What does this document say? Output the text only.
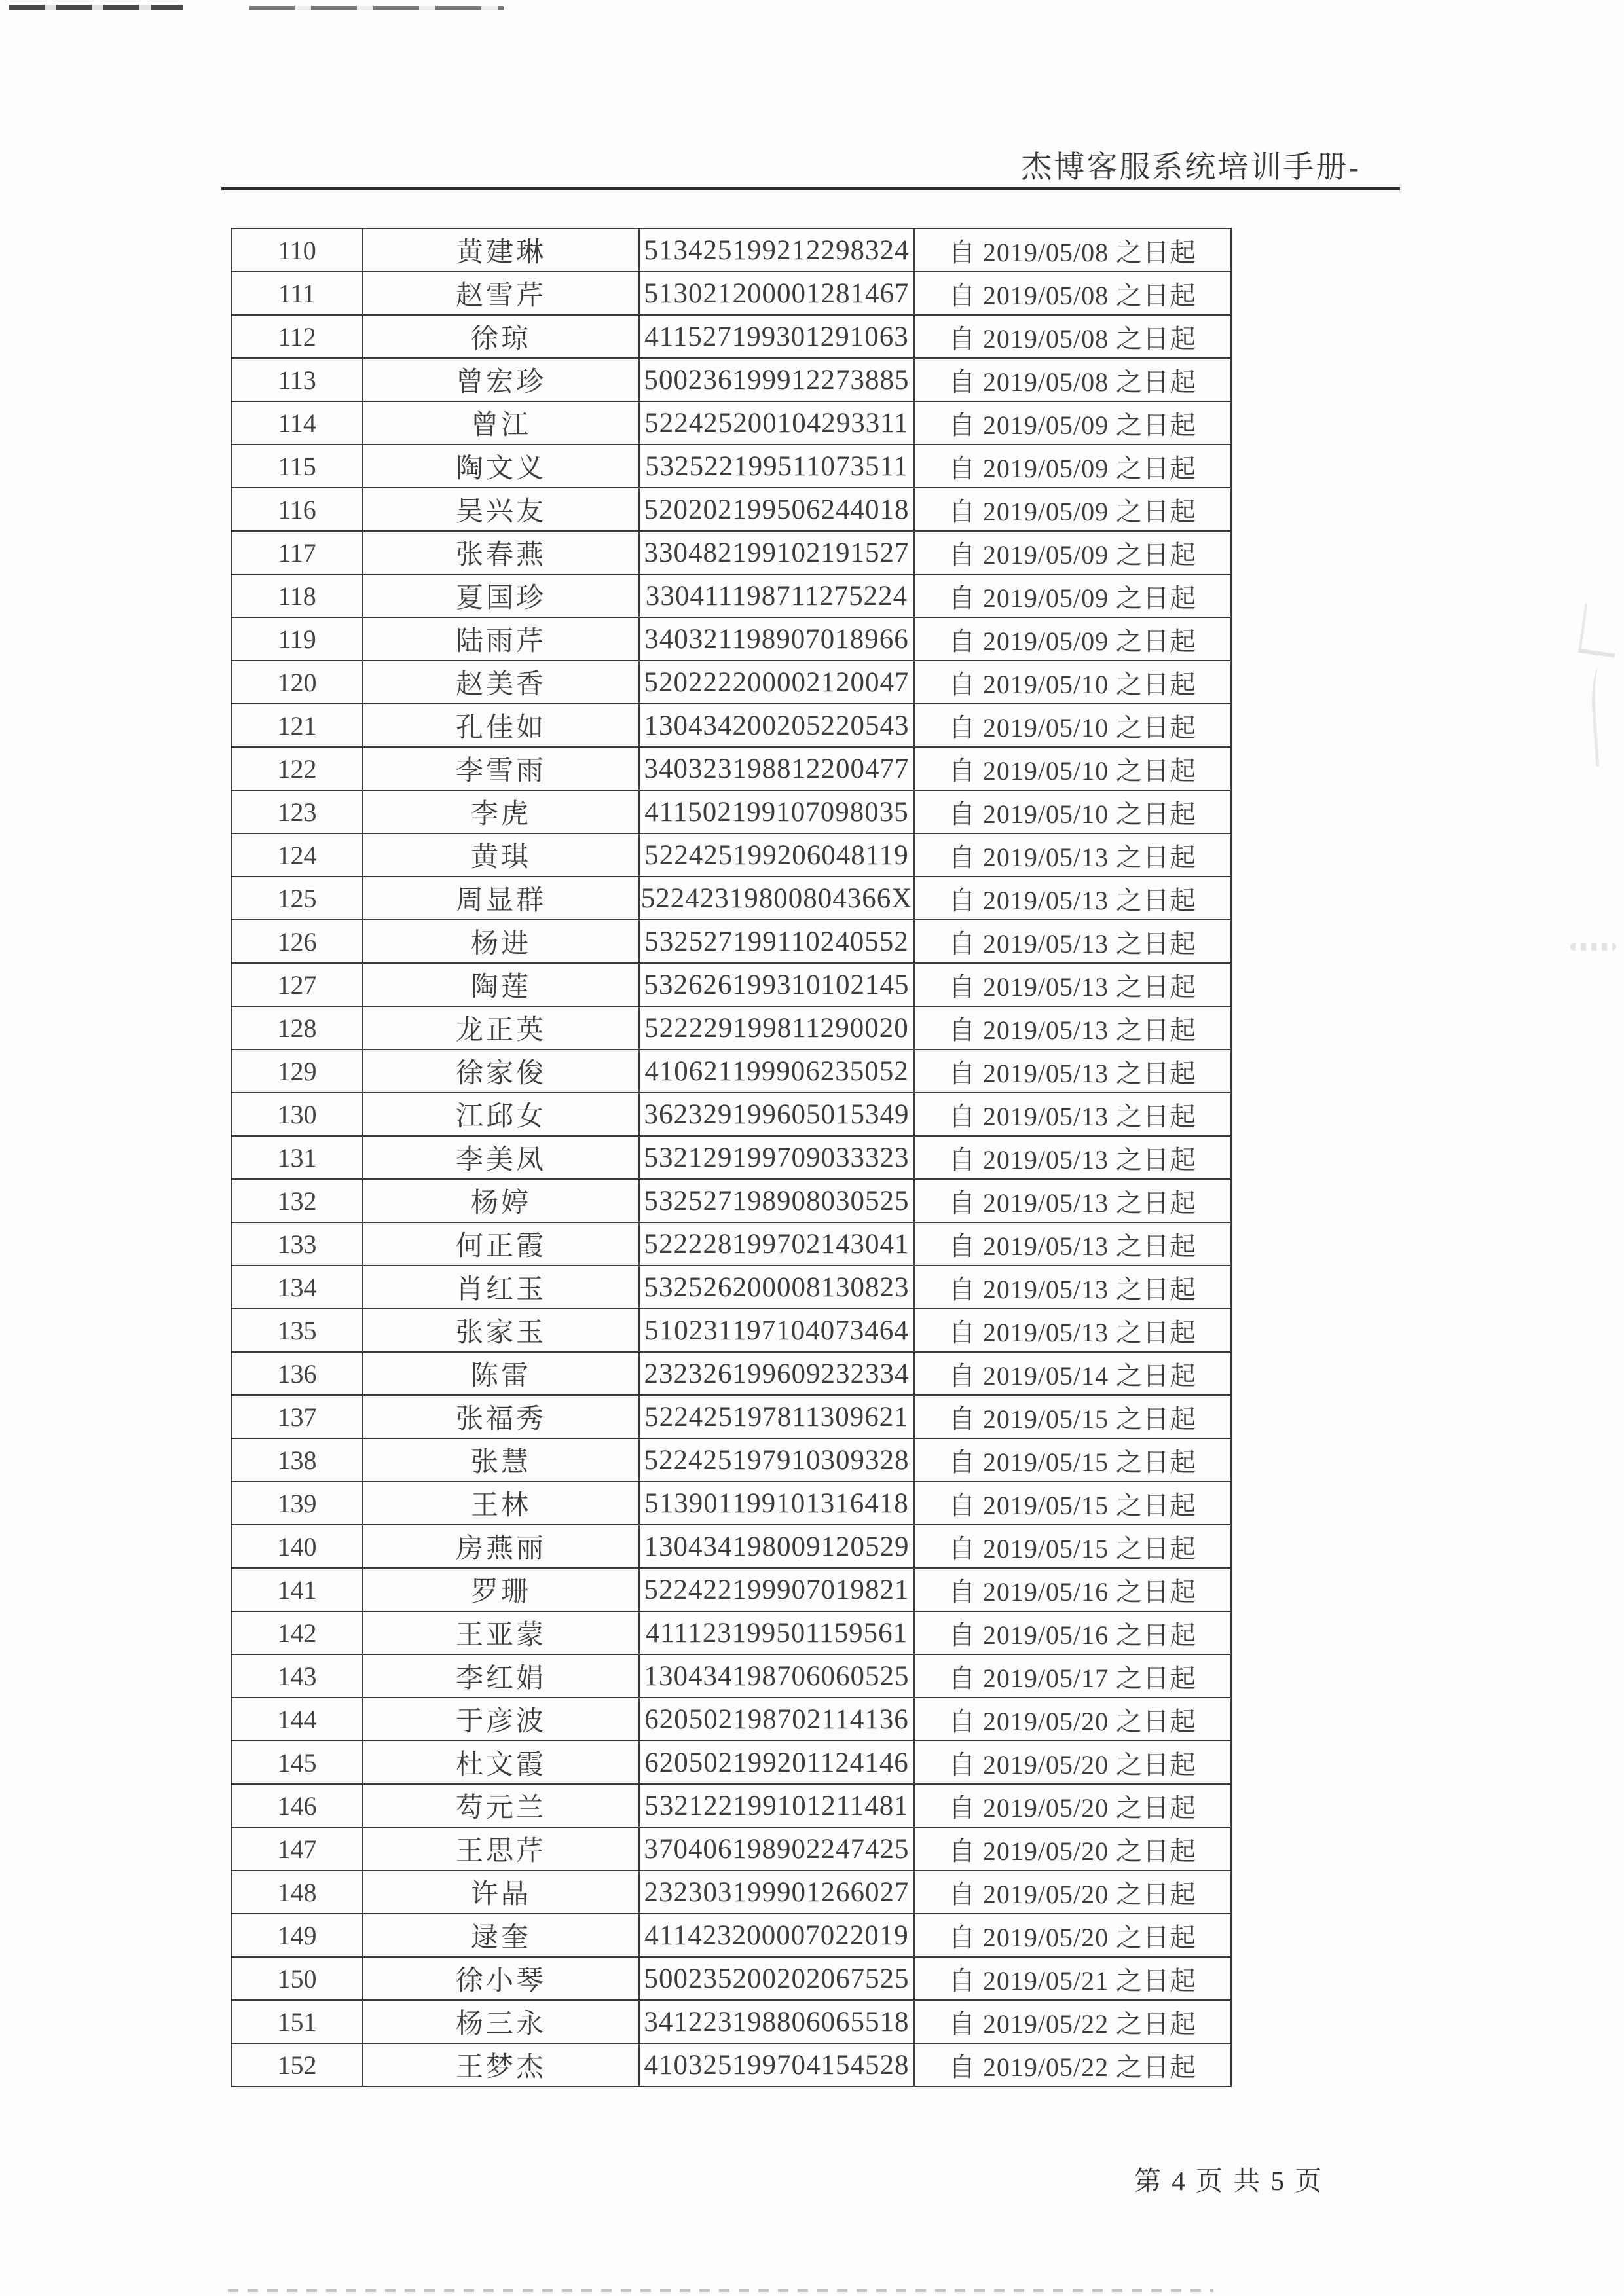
杰博客服系统培训手册-
110	黄建琳	513425199212298324	自 2019/05/08 之日起
111	赵雪芹	513021200001281467	自 2019/05/08 之日起
112	徐琼	411527199301291063	自 2019/05/08 之日起
113	曾宏珍	500236199912273885	自 2019/05/08 之日起
114	曾江	522425200104293311	自 2019/05/09 之日起
115	陶文义	532522199511073511	自 2019/05/09 之日起
116	吴兴友	520202199506244018	自 2019/05/09 之日起
117	张春燕	330482199102191527	自 2019/05/09 之日起
118	夏国珍	330411198711275224	自 2019/05/09 之日起
119	陆雨芹	340321198907018966	自 2019/05/09 之日起
120	赵美香	520222200002120047	自 2019/05/10 之日起
121	孔佳如	130434200205220543	自 2019/05/10 之日起
122	李雪雨	340323198812200477	自 2019/05/10 之日起
123	李虎	411502199107098035	自 2019/05/10 之日起
124	黄琪	522425199206048119	自 2019/05/13 之日起
125	周显群	52242319800804366X	自 2019/05/13 之日起
126	杨进	532527199110240552	自 2019/05/13 之日起
127	陶莲	532626199310102145	自 2019/05/13 之日起
128	龙正英	522229199811290020	自 2019/05/13 之日起
129	徐家俊	410621199906235052	自 2019/05/13 之日起
130	江邱女	362329199605015349	自 2019/05/13 之日起
131	李美凤	532129199709033323	自 2019/05/13 之日起
132	杨婷	532527198908030525	自 2019/05/13 之日起
133	何正霞	522228199702143041	自 2019/05/13 之日起
134	肖红玉	532526200008130823	自 2019/05/13 之日起
135	张家玉	510231197104073464	自 2019/05/13 之日起
136	陈雷	232326199609232334	自 2019/05/14 之日起
137	张福秀	522425197811309621	自 2019/05/15 之日起
138	张慧	522425197910309328	自 2019/05/15 之日起
139	王林	513901199101316418	自 2019/05/15 之日起
140	房燕丽	130434198009120529	自 2019/05/15 之日起
141	罗珊	522422199907019821	自 2019/05/16 之日起
142	王亚蒙	411123199501159561	自 2019/05/16 之日起
143	李红娟	130434198706060525	自 2019/05/17 之日起
144	于彦波	620502198702114136	自 2019/05/20 之日起
145	杜文霞	620502199201124146	自 2019/05/20 之日起
146	芶元兰	532122199101211481	自 2019/05/20 之日起
147	王思芹	370406198902247425	自 2019/05/20 之日起
148	许晶	232303199901266027	自 2019/05/20 之日起
149	逯奎	411423200007022019	自 2019/05/20 之日起
150	徐小琴	500235200202067525	自 2019/05/21 之日起
151	杨三永	341223198806065518	自 2019/05/22 之日起
152	王梦杰	410325199704154528	自 2019/05/22 之日起
第 4 页 共 5 页
